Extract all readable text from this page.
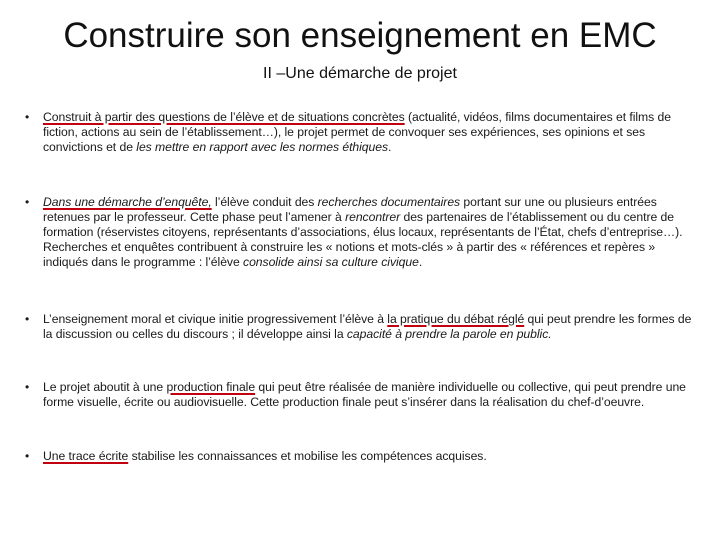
Construire son enseignement en EMC
II –Une démarche de projet
• Construit à partir des questions de l’élève et de situations concrètes (actualité, vidéos, films documentaires et films de fiction, actions au sein de l’établissement…), le projet permet de convoquer ses expériences, ses opinions et ses convictions et de les mettre en rapport avec les normes éthiques.
• Dans une démarche d’enquête, l’élève conduit des recherches documentaires portant sur une ou plusieurs entrées retenues par le professeur. Cette phase peut l’amener à rencontrer des partenaires de l’établissement ou du centre de formation (réservistes citoyens, représentants d’associations, élus locaux, représentants de l’État, chefs d’entreprise…). Recherches et enquêtes contribuent à construire les « notions et mots-clés » à partir des « références et repères » indiqués dans le programme : l’élève consolide ainsi sa culture civique.
• L’enseignement moral et civique initie progressivement l’élève à la pratique du débat réglé qui peut prendre les formes de la discussion ou celles du discours ; il développe ainsi la capacité à prendre la parole en public.
• Le projet aboutit à une production finale qui peut être réalisée de manière individuelle ou collective, qui peut prendre une forme visuelle, écrite ou audiovisuelle. Cette production finale peut s’insérer dans la réalisation du chef-d’oeuvre.
• Une trace écrite stabilise les connaissances et mobilise les compétences acquises.
